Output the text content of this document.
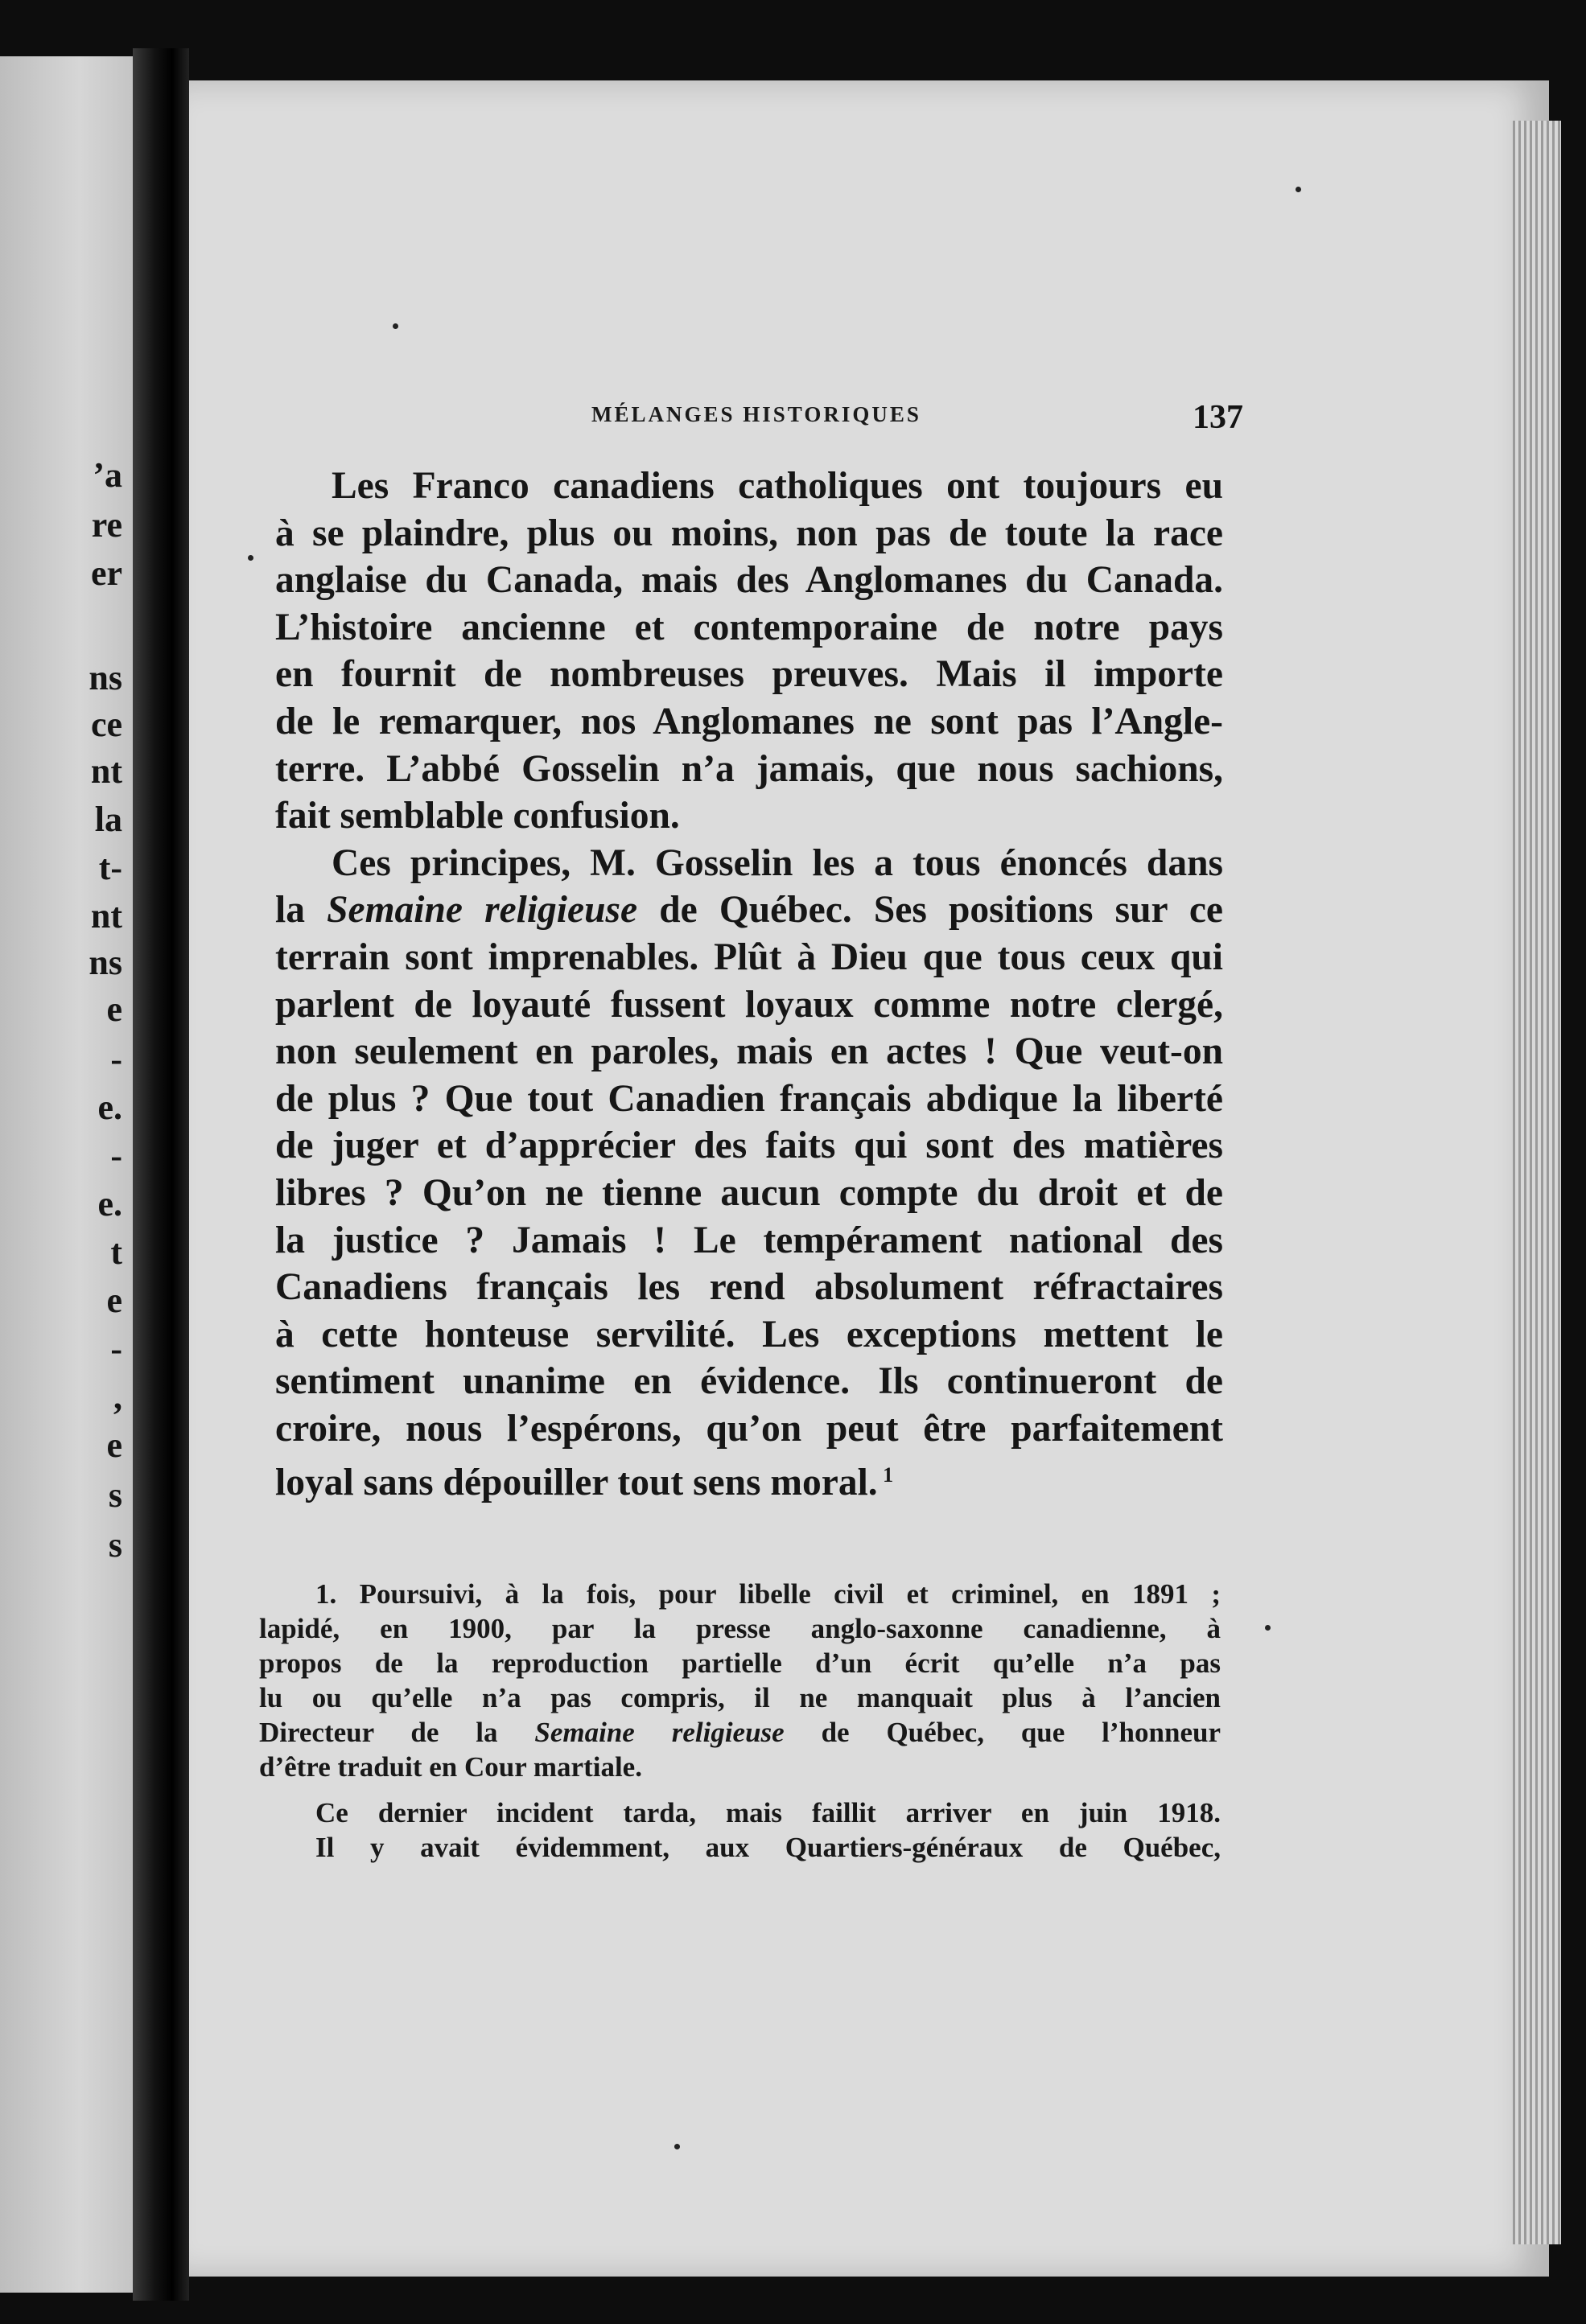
’a
re
er
ns
ce
nt
la
t-
nt
ns
e
-
e.
-
e.
t
e
-
,
e
s
s
MÉLANGES HISTORIQUES	137
Les Franco canadiens catholiques ont toujours eu
à se plaindre, plus ou moins, non pas de toute la race
anglaise du Canada, mais des Anglomanes du Canada.
L’histoire ancienne et contemporaine de notre pays
en fournit de nombreuses preuves. Mais il importe
de le remarquer, nos Anglomanes ne sont pas l’Angle-
terre. L’abbé Gosselin n’a jamais, que nous sachions,
fait semblable confusion.
Ces principes, M. Gosselin les a tous énoncés dans
la Semaine religieuse de Québec. Ses positions sur ce
terrain sont imprenables. Plût à Dieu que tous ceux qui
parlent de loyauté fussent loyaux comme notre clergé,
non seulement en paroles, mais en actes ! Que veut-on
de plus ? Que tout Canadien français abdique la liberté
de juger et d’apprécier des faits qui sont des matières
libres ? Qu’on ne tienne aucun compte du droit et de
la justice ? Jamais ! Le tempérament national des
Canadiens français les rend absolument réfractaires
à cette honteuse servilité. Les exceptions mettent le
sentiment unanime en évidence. Ils continueront de
croire, nous l’espérons, qu’on peut être parfaitement
loyal sans dépouiller tout sens moral. $^1$
1. Poursuivi, à la fois, pour libelle civil et criminel, en 1891 ;
lapidé, en 1900, par la presse anglo-saxonne canadienne, à
propos de la reproduction partielle d’un écrit qu’elle n’a pas
lu ou qu’elle n’a pas compris, il ne manquait plus à l’ancien
Directeur de la Semaine religieuse de Québec, que l’honneur
d’être traduit en Cour martiale.
Ce dernier incident tarda, mais faillit arriver en juin 1918.
Il y avait évidemment, aux Quartiers-généraux de Québec,
